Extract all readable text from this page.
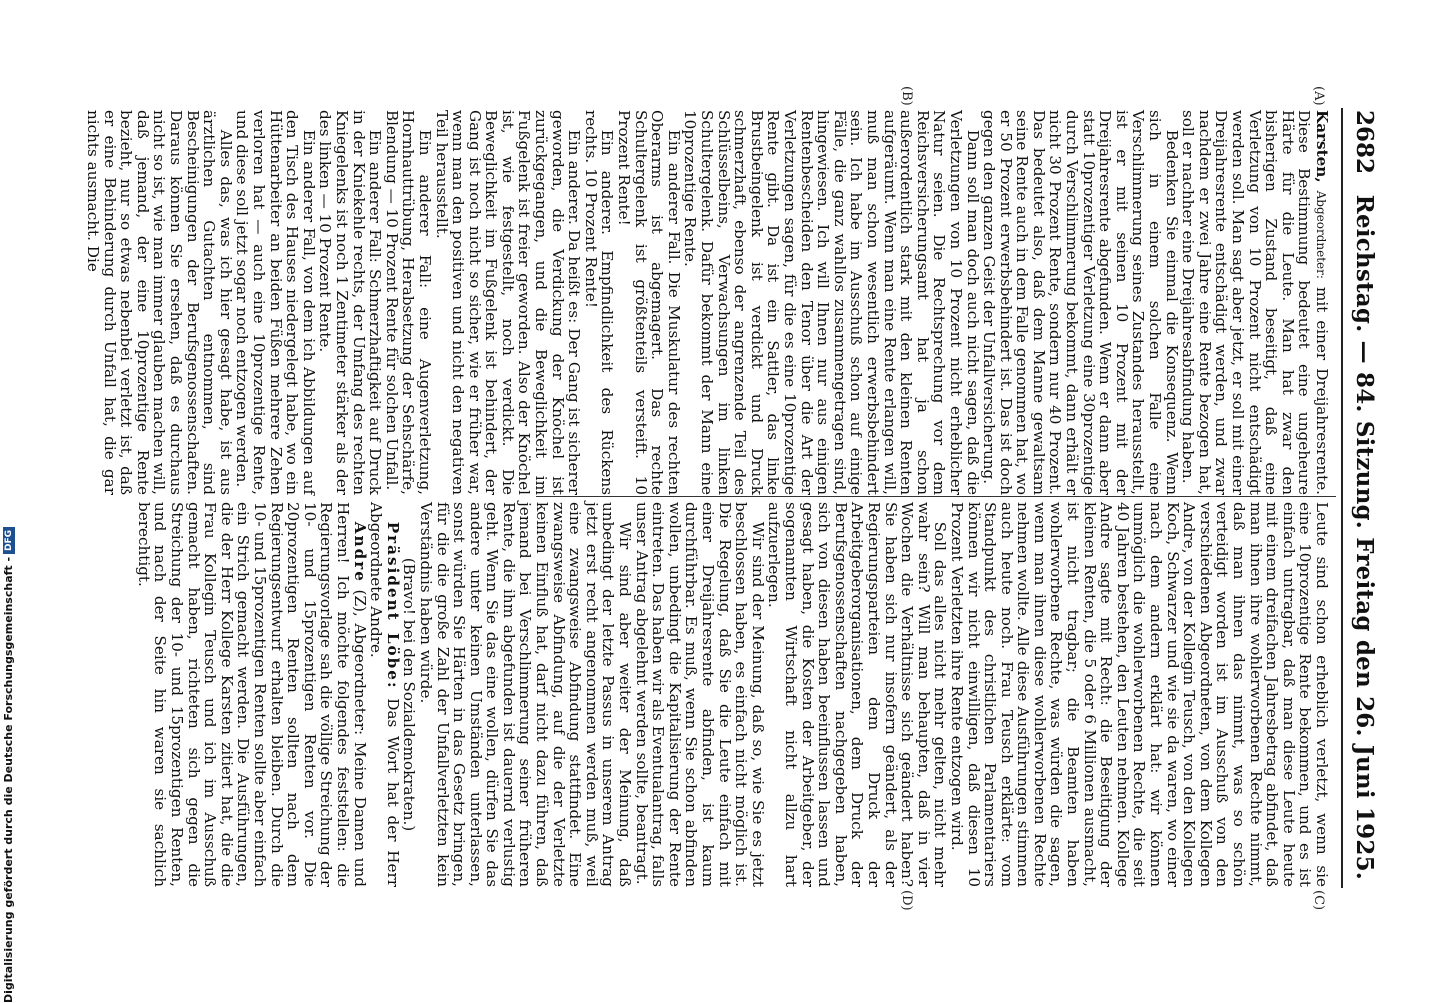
2682
Reichstag. — 84. Sitzung. Freitag den 26. Juni 1925.
(A)
(B)
(C)
(D)

Karsten, Abgeordneter: mit einer Dreijahresrente. Diese Bestimmung bedeutet eine ungeheure Härte für die Leute. Man hat zwar den bisherigen Zustand beseitigt, daß eine Verletzung von 10 Prozent nicht entschädigt werden soll. Man sagt aber jetzt, er soll mit einer Dreijahresrente entschädigt werden, und zwar nachdem er zwei Jahre eine Rente bezogen hat, soll er nachher eine Dreijahresabfindung haben.

Bedenken Sie einmal die Konsequenz. Wenn sich in einem solchen Falle eine Verschlimmerung seines Zustandes herausstellt, ist er mit seinen 10 Prozent mit der Dreijahresrente abgefunden. Wenn er dann aber statt 10prozentiger Verletzung eine 30prozentige durch Verschlimmerung bekommt, dann erhält er nicht 30 Prozent Rente, sondern nur 40 Prozent. Das bedeutet also, daß dem Manne gewaltsam seine Rente auch in dem Falle genommen hat, wo er 50 Prozent erwerbsbehindert ist. Das ist doch gegen den ganzen Geist der Unfallversicherung.

Dann soll man doch auch nicht sagen, daß die Verletzungen von 10 Prozent nicht erheblicher Natur seien. Die Rechtsprechung vor dem Reichsversicherungsamt hat ja schon außerordentlich stark mit den kleinen Renten aufgeräumt. Wenn man eine Rente erlangen will, muß man schon wesentlich erwerbsbehindert sein. Ich habe im Ausschuß schon auf einige Fälle, die ganz wahllos zusammengetragen sind, hingewiesen. Ich will Ihnen nur aus einigen Rentenbescheiden den Tenor über die Art der Verletzungen sagen, für die es eine 10prozentige Rente gibt. Da ist ein Sattler, das linke Brustbeingelenk ist verdickt und Druck schmerzhaft, ebenso der angrenzende Teil des Schlüsselbeins, Verwachsungen im linken Schultergelenk. Dafür bekommt der Mann eine 10prozentige Rente.

Ein anderer Fall. Die Muskulatur des rechten Oberarms ist abgemagert. Das rechte Schultergelenk ist größtenteils versteift. 10 Prozent Rente!

Ein anderer. Empfindlichkeit des Rückens rechts. 10 Prozent Rente!

Ein anderer. Da heißt es: Der Gang ist sicherer geworden, die Verdickung der Knöchel ist zurückgegangen, und die Beweglichkeit im Fußgelenk ist freier geworden. Also der Knöchel ist, wie festgestellt, noch verdickt. Die Beweglichkeit im Fußgelenk ist behindert, der Gang ist noch nicht so sicher, wie er früher war, wenn man den positiven und nicht den negativen Teil herausstellt.

Ein anderer Fall: eine Augenverletzung, Hornhauttrübung, Herabsetzung der Sehschärfe, Blendung — 10 Prozent Rente für solchen Unfall.

Ein anderer Fall: Schmerzhaftigkeit auf Druck in der Kniekehle rechts, der Umfang des rechten Kniegelenks ist noch 1 Zentimeter stärker als der des linken — 10 Prozent Rente.

Ein anderer Fall, von dem ich Abbildungen auf den Tisch des Hauses niedergelegt habe, wo ein Hüttenarbeiter an beiden Füßen mehrere Zehen verloren hat — auch eine 10prozentige Rente, und diese soll jetzt sogar noch entzogen werden.

Alles das, was ich hier gesagt habe, ist aus ärztlichen Gutachten entnommen, sind Bescheinigungen der Berufsgenossenschaften. Daraus können Sie ersehen, daß es durchaus nicht so ist, wie man immer glauben machen will, daß jemand, der eine 10prozentige Rente bezieht, nur so etwas nebenbei verletzt ist, daß er eine Behinderung durch Unfall hat, die gar nichts ausmacht. Die

Leute sind schon erheblich verletzt, wenn sie eine 10prozentige Rente bekommen, und es ist einfach untragbar, daß man diese Leute heute mit einem dreifachen Jahresbetrag abfindet, daß man ihnen ihre wohlerworbenen Rechte nimmt, daß man ihnen das nimmt, was so schön verteidigt worden ist im Ausschuß von den verschiedenen Abgeordneten, von dem Kollegen Andre, von der Kollegin Teusch, von den Kollegen Koch, Schwarzer und wie sie da waren, wo einer nach dem andern erklärt hat: wir können unmöglich die wohlerworbenen Rechte, die seit 40 Jahren bestehen, den Leuten nehmen. Kollege Andre sagte mit Recht: die Beseitigung der kleinen Renten, die 5 oder 6 Millionen ausmacht, ist nicht tragbar; die Beamten haben wohlerworbene Rechte, was würden die sagen, wenn man ihnen diese wohlerworbenen Rechte nehmen wollte. Alle diese Ausführungen stimmen auch heute noch. Frau Teusch erklärte: vom Standpunkt des christlichen Parlamentariers können wir nicht einwilligen, daß diesen 10 Prozent Verletzten ihre Rente entzogen wird.

Soll das alles nicht mehr gelten, nicht mehr wahr sein? Will man behaupten, daß in vier Wochen die Verhältnisse sich geändert haben? Sie haben sich nur insofern geändert, als der Regierungsparteien dem Druck der Arbeitgeberorganisationen, dem Druck der Berufsgenossenschaften nachgegeben haben, sich von diesen haben beeinflussen lassen und gesagt haben, die Kosten der Arbeitgeber, der sogenannten Wirtschaft nicht allzu hart aufzuerlegen.

Wir sind der Meinung, daß so, wie Sie es jetzt beschlossen haben, es einfach nicht möglich ist. Die Regelung, daß Sie die Leute einfach mit einer Dreijahresrente abfinden, ist kaum durchführbar. Es muß, wenn Sie schon abfinden wollen, unbedingt die Kapitalisierung der Rente eintreten. Das haben wir als Eventualantrag, falls unser Antrag abgelehnt werden sollte, beantragt.

Wir sind aber weiter der Meinung, daß unbedingt der letzte Passus in unserem Antrag jetzt erst recht angenommen werden muß, weil eine zwangsweise Abfindung stattfindet. Eine zwangsweise Abfindung, auf die der Verletzte keinen Einfluß hat, darf nicht dazu führen, daß jemand bei Verschlimmerung seiner früheren Rente, die ihm abgefunden ist dauernd verlustig geht. Wenn Sie das eine wollen, dürfen Sie das andere unter keinen Umständen unterlassen, sonst würden Sie Härten in das Gesetz bringen, für die die große Zahl der Unfallverletzten kein Verständnis haben würde.

(Bravo! bei den Sozialdemokraten.)

Präsident Löbe: Das Wort hat der Herr Abgeordnete Andre.

Andre (Z), Abgeordneter: Meine Damen und Herren! Ich möchte folgendes feststellen: die Regierungsvorlage sah die völlige Streichung der 10- und 15prozentigen Renten vor. Die 20prozentigen Renten sollten nach dem Regierungsentwurf erhalten bleiben. Durch die 10- und 15prozentigen Renten sollte aber einfach ein Strich gemacht werden. Die Ausführungen, die der Herr Kollege Karsten zitiert hat, die die Frau Kollegin Teusch und ich im Ausschuß gemacht haben, richteten sich gegen die Streichung der 10- und 15prozentigen Renten, und nach der Seite hin waren sie sachlich berechtigt.

Digitalisierung gefördert durch die Deutsche Forschungsgemeinschaft -DFG
